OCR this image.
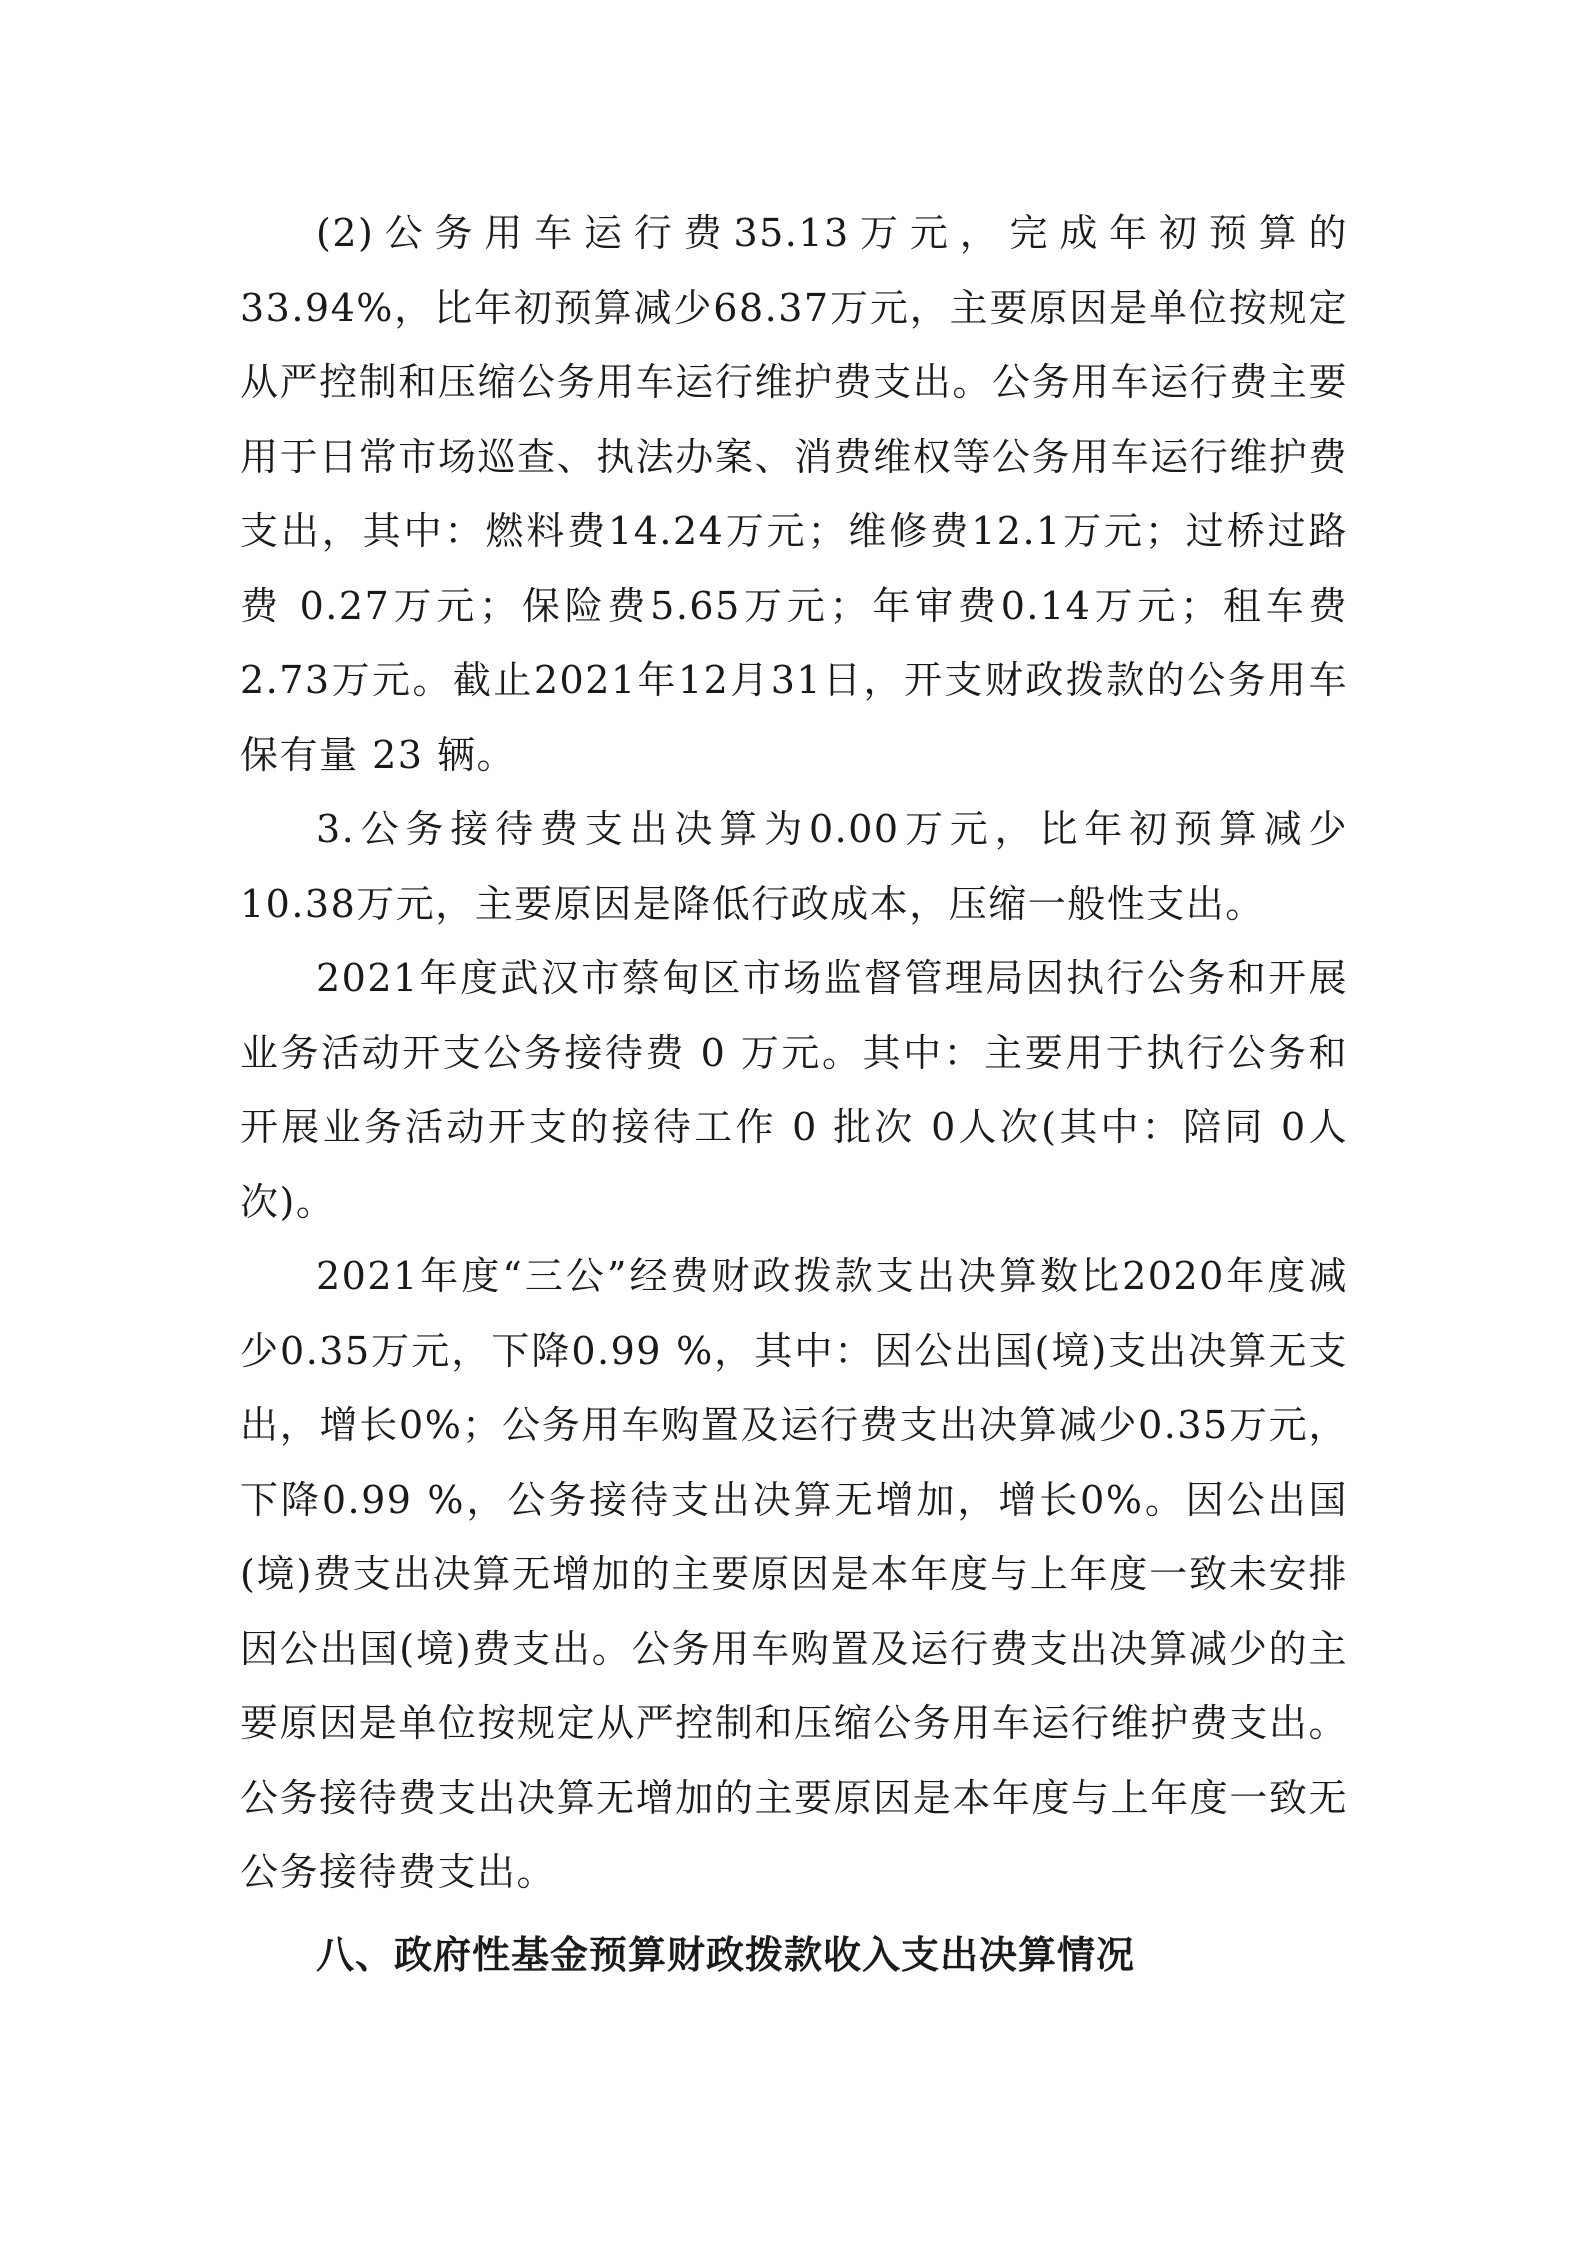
(2)公务用车运行费35.13万元，完成年初预算的33.94%，比年初预算减少68.37万元，主要原因是单位按规定从严控制和压缩公务用车运行维护费支出。公务用车运行费主要用于日常市场巡查、执法办案、消费维权等公务用车运行维护费支出，其中：燃料费14.24万元；维修费12.1万元；过桥过路费 0.27万元；保险费5.65万元；年审费0.14万元；租车费2.73万元。截止2021年12月31日，开支财政拨款的公务用车保有量 23 辆。

3.公务接待费支出决算为0.00万元，比年初预算减少10.38万元，主要原因是降低行政成本，压缩一般性支出。

2021年度武汉市蔡甸区市场监督管理局因执行公务和开展业务活动开支公务接待费 0 万元。其中：主要用于执行公务和开展业务活动开支的接待工作 0 批次 0人次(其中：陪同 0人次)。

2021年度“三公”经费财政拨款支出决算数比2020年度减少0.35万元，下降0.99 %，其中：因公出国(境)支出决算无支出，增长0%；公务用车购置及运行费支出决算减少0.35万元，下降0.99 %，公务接待支出决算无增加，增长0%。因公出国(境)费支出决算无增加的主要原因是本年度与上年度一致未安排因公出国(境)费支出。公务用车购置及运行费支出决算减少的主要原因是单位按规定从严控制和压缩公务用车运行维护费支出。公务接待费支出决算无增加的主要原因是本年度与上年度一致无公务接待费支出。

八、政府性基金预算财政拨款收入支出决算情况
